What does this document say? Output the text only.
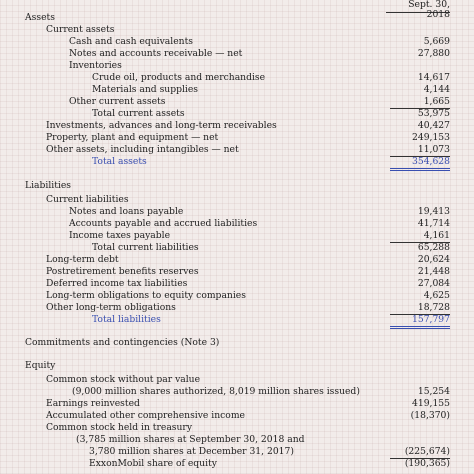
Sept. 30, 2018
Assets
Current assets
Cash and cash equivalents	5,669
Notes and accounts receivable — net	27,880
Inventories
Crude oil, products and merchandise	14,617
Materials and supplies	4,144
Other current assets	1,665
Total current assets	53,975
Investments, advances and long-term receivables	40,427
Property, plant and equipment — net	249,153
Other assets, including intangibles — net	11,073
Total assets	354,628
Liabilities
Current liabilities
Notes and loans payable	19,413
Accounts payable and accrued liabilities	41,714
Income taxes payable	4,161
Total current liabilities	65,288
Long-term debt	20,624
Postretirement benefits reserves	21,448
Deferred income tax liabilities	27,084
Long-term obligations to equity companies	4,625
Other long-term obligations	18,728
Total liabilities	157,797
Commitments and contingencies (Note 3)
Equity
Common stock without par value
(9,000 million shares authorized, 8,019 million shares issued)	15,254
Earnings reinvested	419,155
Accumulated other comprehensive income	(18,370)
Common stock held in treasury
(3,785 million shares at September 30, 2018 and
3,780 million shares at December 31, 2017)	(225,674)
ExxonMobil share of equity	(190,365)
